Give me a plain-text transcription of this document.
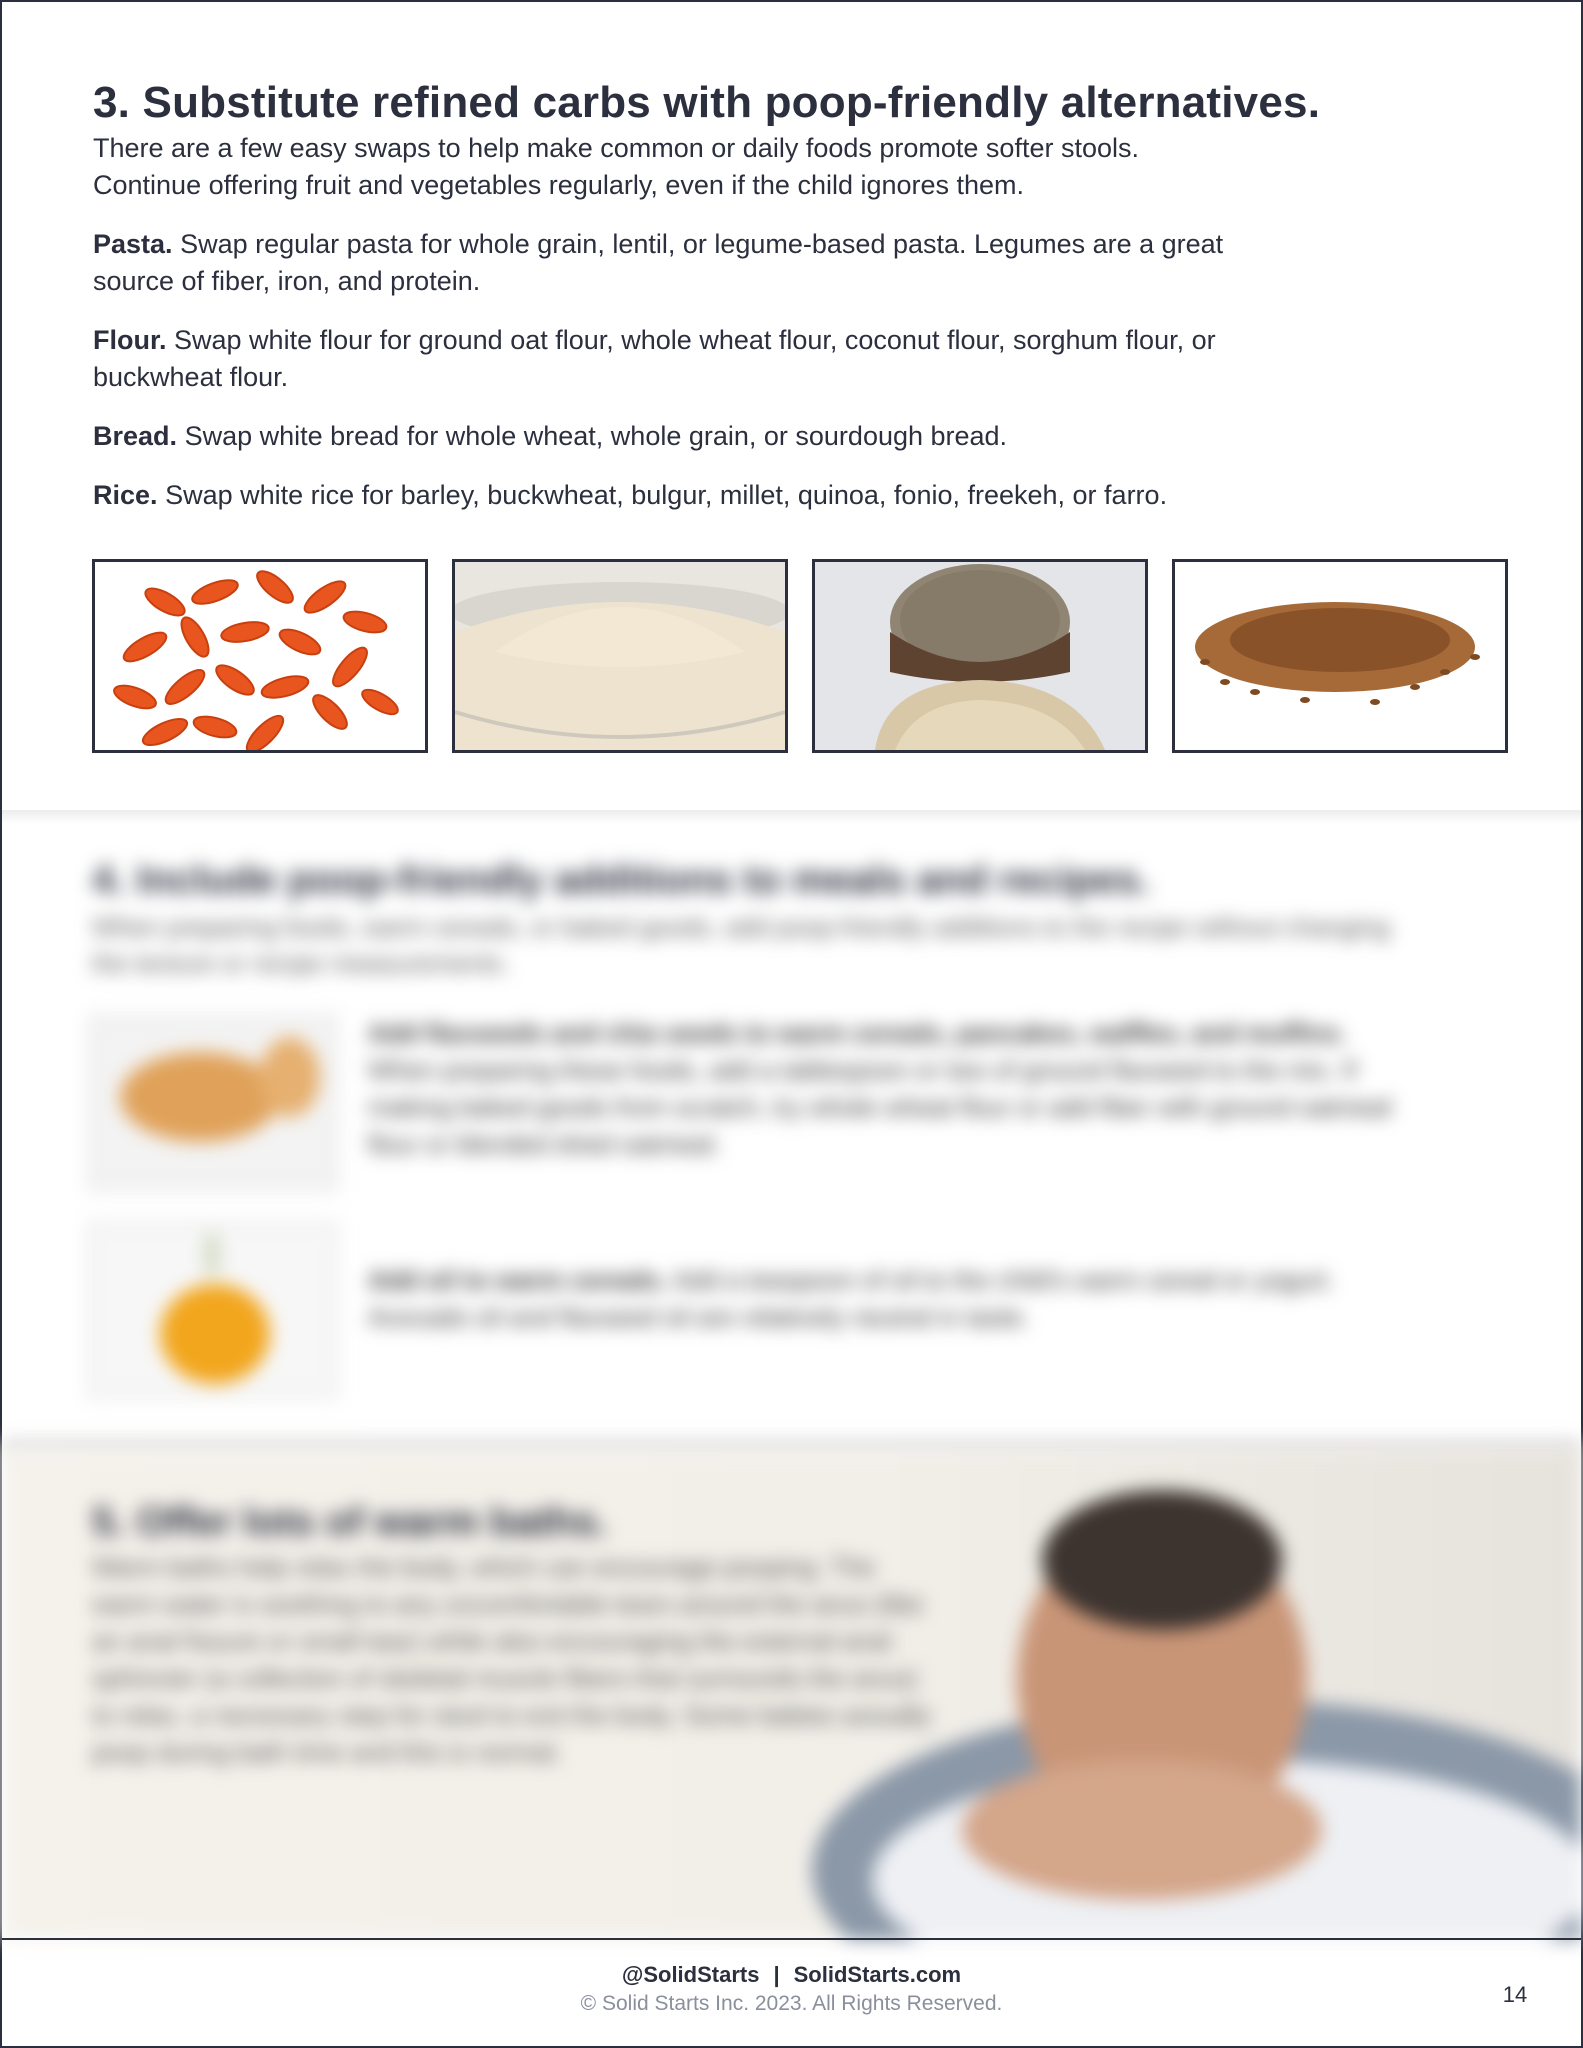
3. Substitute refined carbs with poop-friendly alternatives.
There are a few easy swaps to help make common or daily foods promote softer stools.
Continue offering fruit and vegetables regularly, even if the child ignores them.
Pasta. Swap regular pasta for whole grain, lentil, or legume-based pasta. Legumes are a great
source of fiber, iron, and protein.
Flour. Swap white flour for ground oat flour, whole wheat flour, coconut flour, sorghum flour, or
buckwheat flour.
Bread. Swap white bread for whole wheat, whole grain, or sourdough bread.
Rice. Swap white rice for barley, buckwheat, bulgur, millet, quinoa, fonio, freekeh, or farro.
4. Include poop-friendly additions to meals and recipes.

When preparing foods, warm cereals, or baked goods, add poop-friendly additions to the recipe without changing the texture or recipe measurements.

Add flaxseeds and chia seeds to warm cereals, pancakes, waffles, and muffins. When preparing these foods, add a tablespoon or two of ground flaxseed to the mix. If making baked goods from scratch, try whole wheat flour or add fiber with ground oatmeal flour or blended dried oatmeal.
Add oil to warm cereals. Add a teaspoon of oil to the child's warm cereal or yogurt. Avocado oil and flaxseed oil are relatively neutral in taste.
5. Offer lots of warm baths.

Warm baths help relax the body, which can encourage pooping. The warm water is soothing to any uncomfortable tears around the anus (like an anal fissure or small tear) while also encouraging the external anal sphincter (a collection of skeletal muscle fibers that surrounds the anus) to relax, a necessary step for stool to exit the body. Some babies actually poop during bath time and this is normal.

@SolidStarts | SolidStarts.com
© Solid Starts Inc. 2023. All Rights Reserved.	14
